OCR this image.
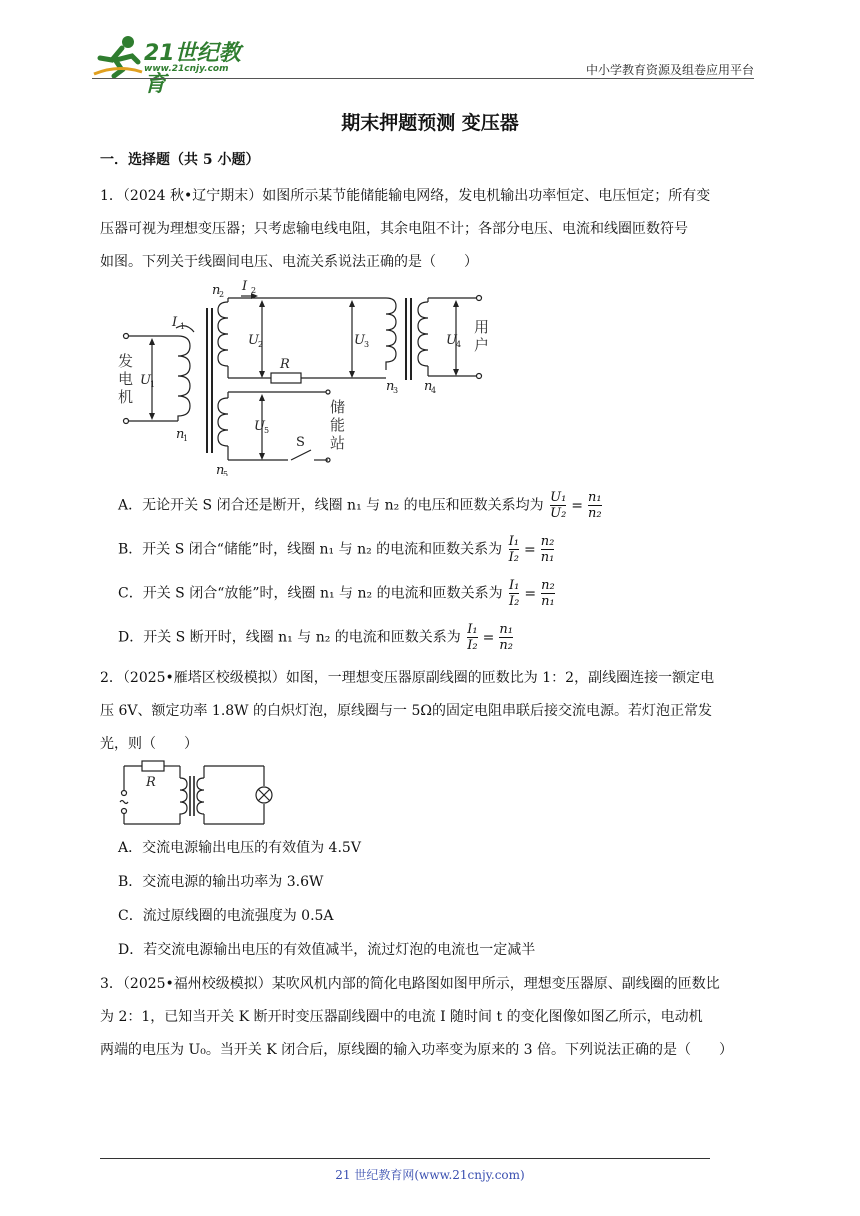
21世纪教育
www.21cnjy.com	中小学教育资源及组卷应用平台
期末押题预测 变压器
一．选择题（共 5 小题）
1．（2024 秋•辽宁期末）如图所示某节能储能输电网络，发电机输出功率恒定、电压恒定；所有变
压器可视为理想变压器；只考虑输电线电阻，其余电阻不计；各部分电压、电流和线圈匝数符号
如图。下列关于线圈间电压、电流关系说法正确的是（　　）
I 1
I 2
U 1
U 2	U 3	U 4
U 5
n
1
n
2
n
3 n
4
n
5
R
S
发
电
机
用
户
储
能
站
A．无论开关 S 闭合还是断开，线圈 n₁ 与 n₂ 的电压和匝数关系均为 $\frac{\text{U₁}}{\text{U₂}} = \frac{\text{n₁}}{\text{n₂}}$
B．开关 S 闭合“储能”时，线圈 n₁ 与 n₂ 的电流和匝数关系为 $\frac{\text{I₁}}{\text{I₂}} = \frac{\text{n₂}}{\text{n₁}}$
C．开关 S 闭合“放能”时，线圈 n₁ 与 n₂ 的电流和匝数关系为 $\frac{\text{I₁}}{\text{I₂}} = \frac{\text{n₂}}{\text{n₁}}$
D．开关 S 断开时，线圈 n₁ 与 n₂ 的电流和匝数关系为 $\frac{\text{I₁}}{\text{I₂}} = \frac{\text{n₁}}{\text{n₂}}$
2．（2025•雁塔区校级模拟）如图，一理想变压器原副线圈的匝数比为 1：2，副线圈连接一额定电
压 6V、额定功率 1.8W 的白炽灯泡，原线圈与一 5Ω的固定电阻串联后接交流电源。若灯泡正常发
光，则（　　）
R
A．交流电源输出电压的有效值为 4.5V
B．交流电源的输出功率为 3.6W
C．流过原线圈的电流强度为 0.5A
D．若交流电源输出电压的有效值减半，流过灯泡的电流也一定减半
3．（2025•福州校级模拟）某吹风机内部的简化电路图如图甲所示，理想变压器原、副线圈的匝数比
为 2：1，已知当开关 K 断开时变压器副线圈中的电流 I 随时间 t 的变化图像如图乙所示，电动机
两端的电压为 U₀。当开关 K 闭合后，原线圈的输入功率变为原来的 3 倍。下列说法正确的是（　　）
21 世纪教育网(www.21cnjy.com)
